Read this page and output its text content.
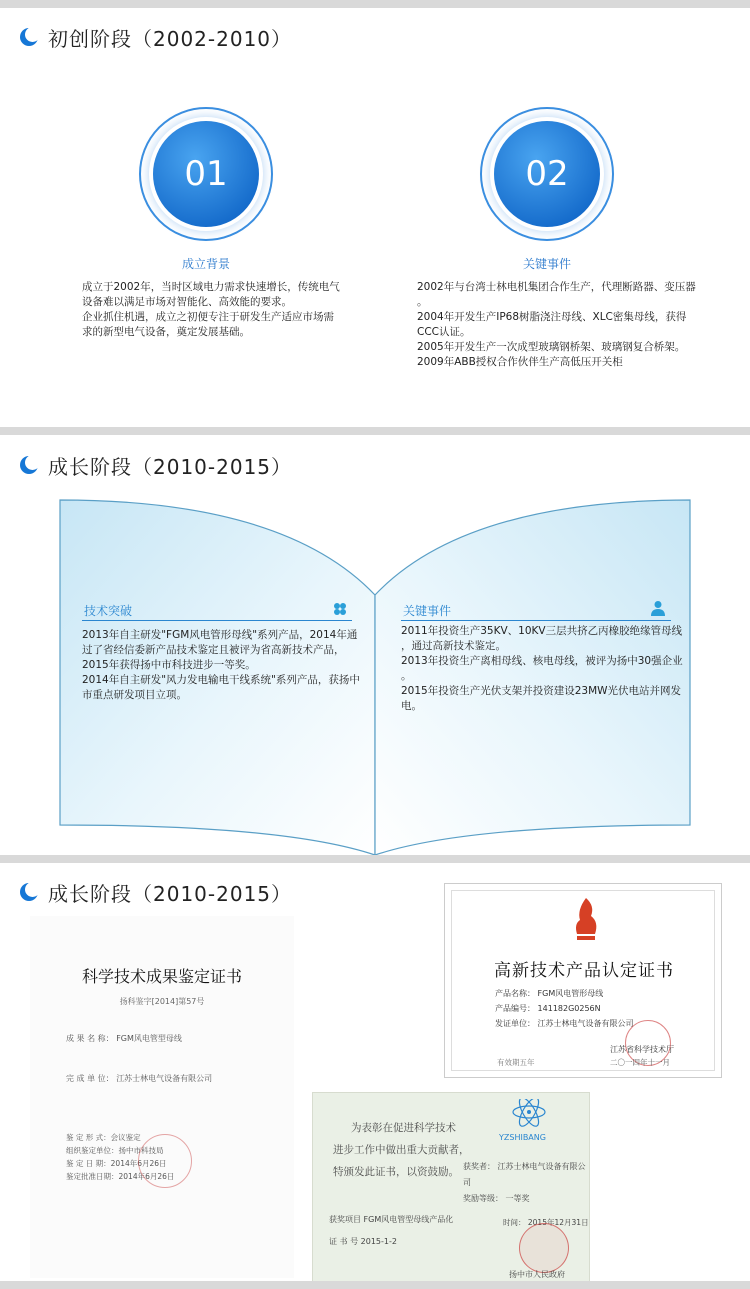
初创阶段（2002-2010）
01
成立背景

成立于2002年，当时区域电力需求快速增长，传统电气

设备难以满足市场对智能化、高效能的要求。

企业抓住机遇，成立之初便专注于研发生产适应市场需

求的新型电气设备，奠定发展基础。

02
关键事件

2002年与台湾士林电机集团合作生产，代理断路器、变压器

。

2004年开发生产IP68树脂浇注母线、XLC密集母线，获得

CCC认证。

2005年开发生产一次成型玻璃钢桥架、玻璃钢复合桥架。

2009年ABB授权合作伙伴生产高低压开关柜

成长阶段（2010-2015）
技术突破

2013年自主研发"FGM风电管形母线"系列产品，2014年通

过了省经信委新产品技术鉴定且被评为省高新技术产品，

2015年获得扬中市科技进步一等奖。

2014年自主研发"风力发电输电干线系统"系列产品，获扬中

市重点研发项目立项。

关键事件

2011年投资生产35KV、10KV三层共挤乙丙橡胶绝缘管母线

，通过高新技术鉴定。

2013年投资生产离相母线、核电母线，被评为扬中30强企业

。

2015年投资生产光伏支架并投资建设23MW光伏电站并网发

电。

成长阶段（2010-2015）
科学技术成果鉴定证书
扬科鉴字[2014]第57号
成 果 名 称： FGM风电管型母线
完 成 单 位： 江苏士林电气设备有限公司
鉴 定 形 式：会议鉴定
组织鉴定单位：扬中市科技局
鉴 定 日 期：2014年6月26日
鉴定批准日期：2014年6月26日
高新技术产品认定证书
产品名称： FGM风电管形母线
产品编号： 141182G0256N
发证单位： 江苏士林电气设备有限公司
江苏省科学技术厅
二〇一四年十一月
有效期五年
YZSHIBANG
为表彰在促进科学技术
进步工作中做出重大贡献者，
特颁发此证书，以资鼓励。 获奖者： 江苏士林电气设备有限公司
奖励等级： 一等奖
获奖项目 FGM风电管型母线产品化
证 书 号 2015-1-2
时间： 2015年12月31日
扬中市人民政府
